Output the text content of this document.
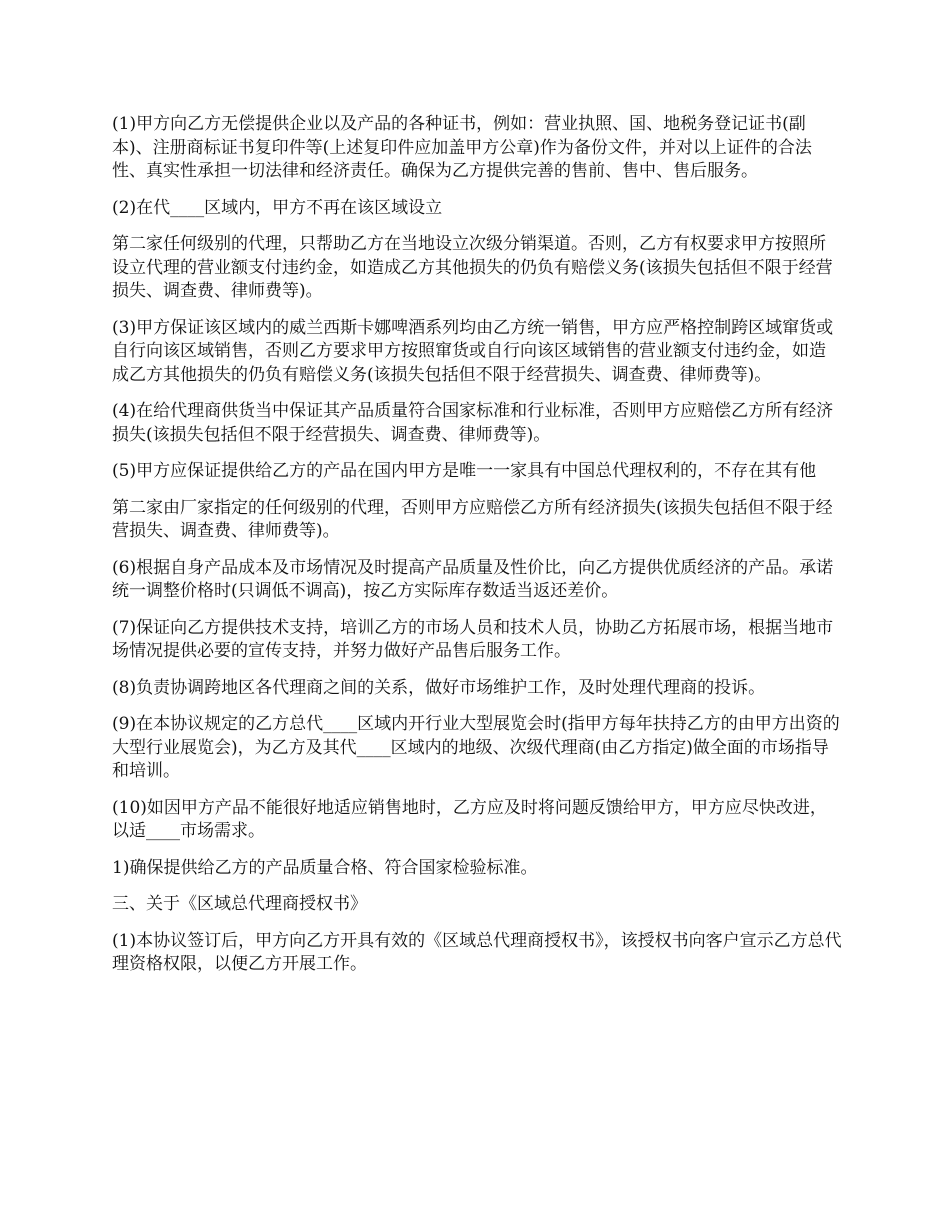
(1)甲方向乙方无偿提供企业以及产品的各种证书，例如：营业执照、国、地税务登记证书(副本)、注册商标证书复印件等(上述复印件应加盖甲方公章)作为备份文件，并对以上证件的合法性、真实性承担一切法律和经济责任。确保为乙方提供完善的售前、售中、售后服务。

(2)在代____区域内，甲方不再在该区域设立

第二家任何级别的代理，只帮助乙方在当地设立次级分销渠道。否则，乙方有权要求甲方按照所设立代理的营业额支付违约金，如造成乙方其他损失的仍负有赔偿义务(该损失包括但不限于经营损失、调查费、律师费等)。

(3)甲方保证该区域内的威兰西斯卡娜啤酒系列均由乙方统一销售，甲方应严格控制跨区域窜货或自行向该区域销售，否则乙方要求甲方按照窜货或自行向该区域销售的营业额支付违约金，如造成乙方其他损失的仍负有赔偿义务(该损失包括但不限于经营损失、调查费、律师费等)。

(4)在给代理商供货当中保证其产品质量符合国家标准和行业标准，否则甲方应赔偿乙方所有经济损失(该损失包括但不限于经营损失、调查费、律师费等)。

(5)甲方应保证提供给乙方的产品在国内甲方是唯一一家具有中国总代理权利的，不存在其有他

第二家由厂家指定的任何级别的代理，否则甲方应赔偿乙方所有经济损失(该损失包括但不限于经营损失、调查费、律师费等)。

(6)根据自身产品成本及市场情况及时提高产品质量及性价比，向乙方提供优质经济的产品。承诺统一调整价格时(只调低不调高)，按乙方实际库存数适当返还差价。

(7)保证向乙方提供技术支持，培训乙方的市场人员和技术人员，协助乙方拓展市场，根据当地市场情况提供必要的宣传支持，并努力做好产品售后服务工作。

(8)负责协调跨地区各代理商之间的关系，做好市场维护工作，及时处理代理商的投诉。

(9)在本协议规定的乙方总代____区域内开行业大型展览会时(指甲方每年扶持乙方的由甲方出资的大型行业展览会)，为乙方及其代____区域内的地级、次级代理商(由乙方指定)做全面的市场指导和培训。

(10)如因甲方产品不能很好地适应销售地时，乙方应及时将问题反馈给甲方，甲方应尽快改进，以适____市场需求。

1)确保提供给乙方的产品质量合格、符合国家检验标准。

三、关于《区域总代理商授权书》

(1)本协议签订后，甲方向乙方开具有效的《区域总代理商授权书》，该授权书向客户宣示乙方总代理资格权限，以便乙方开展工作。
